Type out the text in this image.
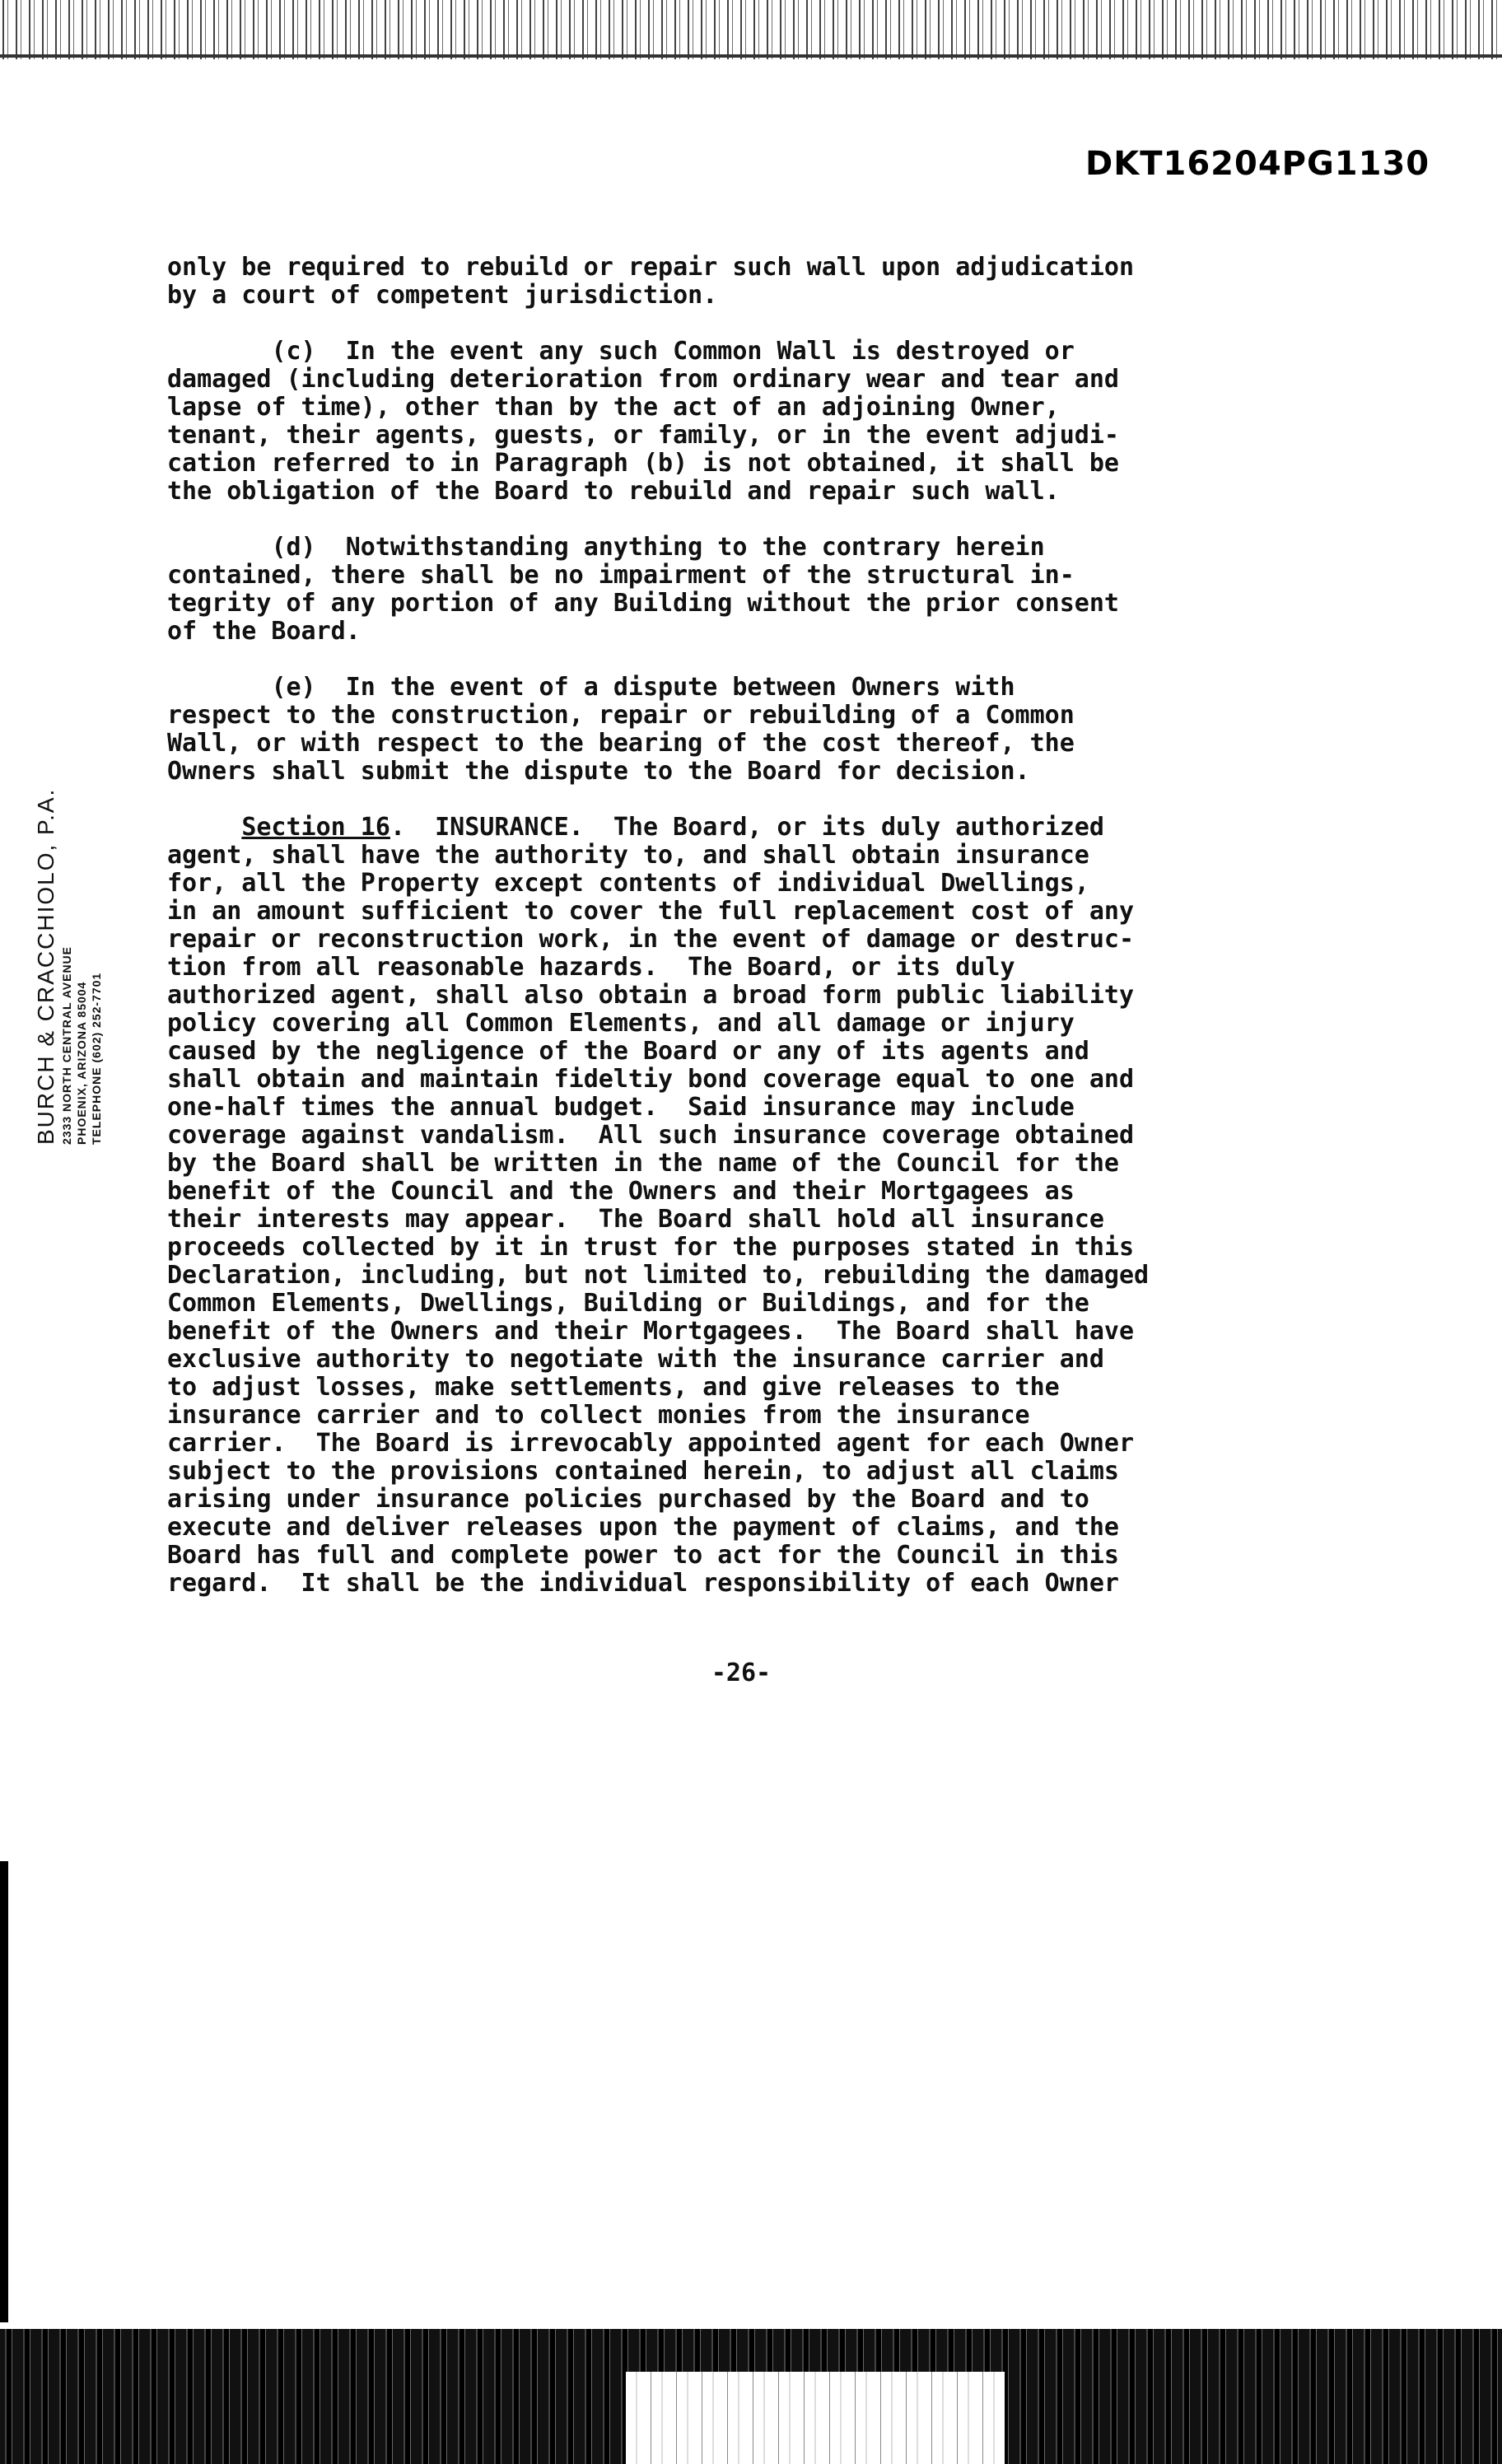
DKT16204PG1130
BURCH & CRACCHIOLO, P.A. 2333 NORTH CENTRAL AVENUE PHOENIX, ARIZONA 85004 TELEPHONE (602) 252-7701

only be required to rebuild or repair such wall upon adjudication
by a court of competent jurisdiction.

(c)  In the event any such Common Wall is destroyed or
damaged (including deterioration from ordinary wear and tear and
lapse of time), other than by the act of an adjoining Owner,
tenant, their agents, guests, or family, or in the event adjudi-
cation referred to in Paragraph (b) is not obtained, it shall be
the obligation of the Board to rebuild and repair such wall.

(d)  Notwithstanding anything to the contrary herein
contained, there shall be no impairment of the structural in-
tegrity of any portion of any Building without the prior consent
of the Board.

(e)  In the event of a dispute between Owners with
respect to the construction, repair or rebuilding of a Common
Wall, or with respect to the bearing of the cost thereof, the
Owners shall submit the dispute to the Board for decision.

Section 16.  INSURANCE.  The Board, or its duly authorized
agent, shall have the authority to, and shall obtain insurance
for, all the Property except contents of individual Dwellings,
in an amount sufficient to cover the full replacement cost of any
repair or reconstruction work, in the event of damage or destruc-
tion from all reasonable hazards.  The Board, or its duly
authorized agent, shall also obtain a broad form public liability
policy covering all Common Elements, and all damage or injury
caused by the negligence of the Board or any of its agents and
shall obtain and maintain fideltiy bond coverage equal to one and
one-half times the annual budget.  Said insurance may include
coverage against vandalism.  All such insurance coverage obtained
by the Board shall be written in the name of the Council for the
benefit of the Council and the Owners and their Mortgagees as
their interests may appear.  The Board shall hold all insurance
proceeds collected by it in trust for the purposes stated in this
Declaration, including, but not limited to, rebuilding the damaged
Common Elements, Dwellings, Building or Buildings, and for the
benefit of the Owners and their Mortgagees.  The Board shall have
exclusive authority to negotiate with the insurance carrier and
to adjust losses, make settlements, and give releases to the
insurance carrier and to collect monies from the insurance
carrier.  The Board is irrevocably appointed agent for each Owner
subject to the provisions contained herein, to adjust all claims
arising under insurance policies purchased by the Board and to
execute and deliver releases upon the payment of claims, and the
Board has full and complete power to act for the Council in this
regard.  It shall be the individual responsibility of each Owner

-26-
